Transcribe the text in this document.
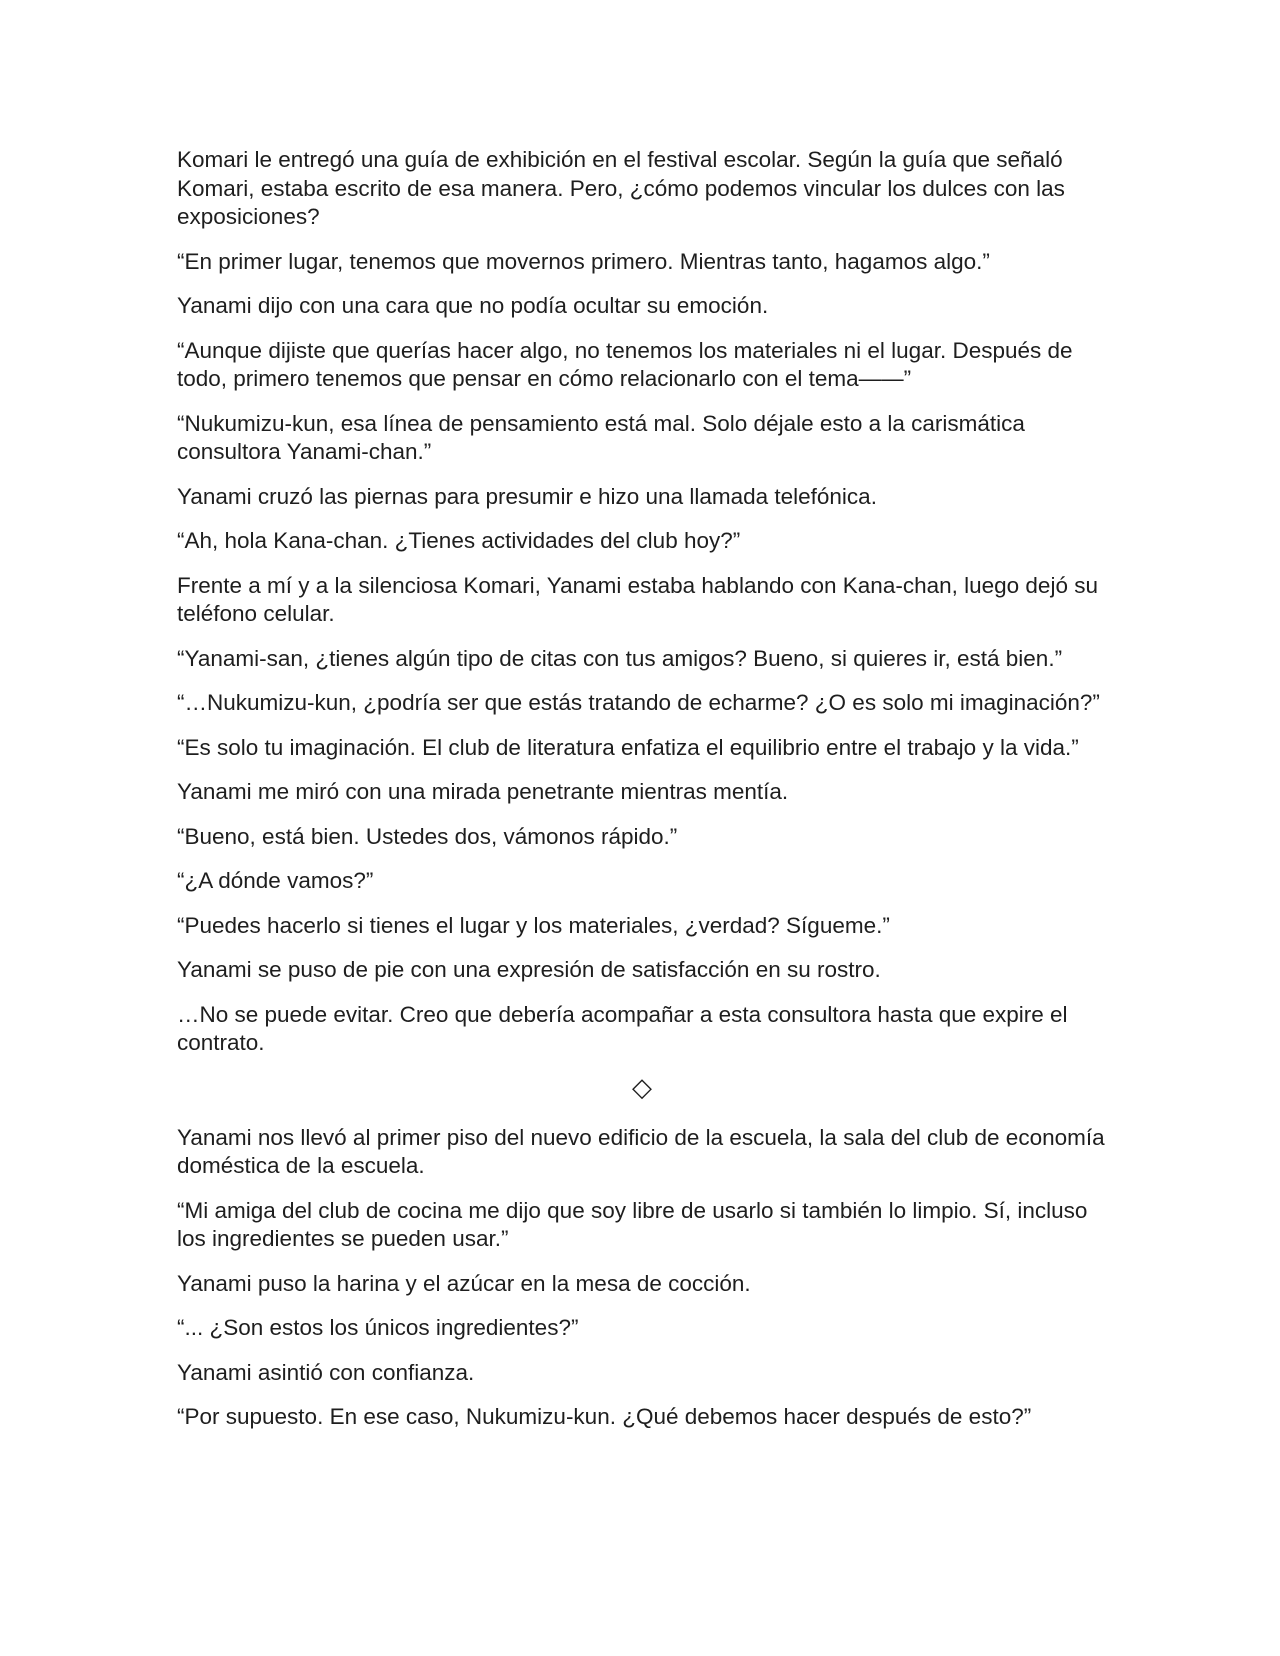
Komari le entregó una guía de exhibición en el festival escolar. Según la guía que señaló Komari, estaba escrito de esa manera. Pero, ¿cómo podemos vincular los dulces con las exposiciones?

“En primer lugar, tenemos que movernos primero. Mientras tanto, hagamos algo.”

Yanami dijo con una cara que no podía ocultar su emoción.

“Aunque dijiste que querías hacer algo, no tenemos los materiales ni el lugar. Después de todo, primero tenemos que pensar en cómo relacionarlo con el tema——”

“Nukumizu-kun, esa línea de pensamiento está mal. Solo déjale esto a la carismática consultora Yanami-chan.”

Yanami cruzó las piernas para presumir e hizo una llamada telefónica.

“Ah, hola Kana-chan. ¿Tienes actividades del club hoy?”

Frente a mí y a la silenciosa Komari, Yanami estaba hablando con Kana-chan, luego dejó su teléfono celular.

“Yanami-san, ¿tienes algún tipo de citas con tus amigos? Bueno, si quieres ir, está bien.”

“…Nukumizu-kun, ¿podría ser que estás tratando de echarme? ¿O es solo mi imaginación?”

“Es solo tu imaginación. El club de literatura enfatiza el equilibrio entre el trabajo y la vida.”

Yanami me miró con una mirada penetrante mientras mentía.

“Bueno, está bien. Ustedes dos, vámonos rápido.”

“¿A dónde vamos?”

“Puedes hacerlo si tienes el lugar y los materiales, ¿verdad? Sígueme.”

Yanami se puso de pie con una expresión de satisfacción en su rostro.

…No se puede evitar. Creo que debería acompañar a esta consultora hasta que expire el contrato.

◇

Yanami nos llevó al primer piso del nuevo edificio de la escuela, la sala del club de economía doméstica de la escuela.

“Mi amiga del club de cocina me dijo que soy libre de usarlo si también lo limpio. Sí, incluso los ingredientes se pueden usar.”

Yanami puso la harina y el azúcar en la mesa de cocción.

“... ¿Son estos los únicos ingredientes?”

Yanami asintió con confianza.

“Por supuesto. En ese caso, Nukumizu-kun. ¿Qué debemos hacer después de esto?”
